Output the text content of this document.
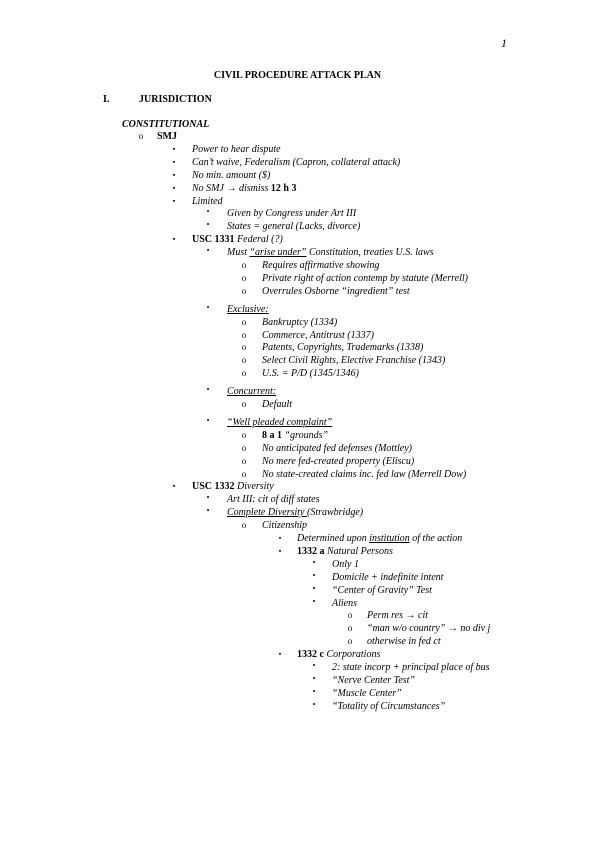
1
CIVIL PROCEDURE ATTACK PLAN
I.	JURISDICTION
CONSTITUTIONAL
o SMJ
▪	Power to hear dispute
▪	Can’t waive, Federalism (Capron, collateral attack)
▪	No min. amount ($)
▪	No SMJ → dismiss 12 h 3
▪	Limited
•	Given by Congress under Art III
•	States = general (Lacks, divorce)
▪	USC 1331 Federal (?)
•	Must “arise under” Constitution, treaties U.S. laws
o Requires affirmative showing
o Private right of action contemp by statute (Merrell)
o Overrules Osborne “ingredient” test
•	Exclusive:
o Bankruptcy (1334)
o Commerce, Antitrust (1337)
o Patents, Copyrights, Trademarks (1338)
o Select Civil Rights, Elective Franchise (1343)
o U.S. = P/D (1345/1346)
•	Concurrent:
o Default
•	“Well pleaded complaint”
o 8 a 1 “grounds”
o No anticipated fed defenses (Mottley)
o No mere fed-created property (Eliscu)
o No state-created claims inc. fed law (Merrell Dow)
▪	USC 1332 Diversity
•	Art III: cit of diff states
•	Complete Diversity (Strawbridge)
o Citizenship
▪	Determined upon institution of the action
▪	1332 a Natural Persons
•	Only 1
•	Domicile + indefinite intent
•	“Center of Gravity” Test
•	Aliens
o Perm res → cit
o “man w/o country” → no div j
o otherwise in fed ct
▪	1332 c Corporations
•	2: state incorp + principal place of bus
•	“Nerve Center Test”
•	“Muscle Center”
•	“Totality of Circumstances”
